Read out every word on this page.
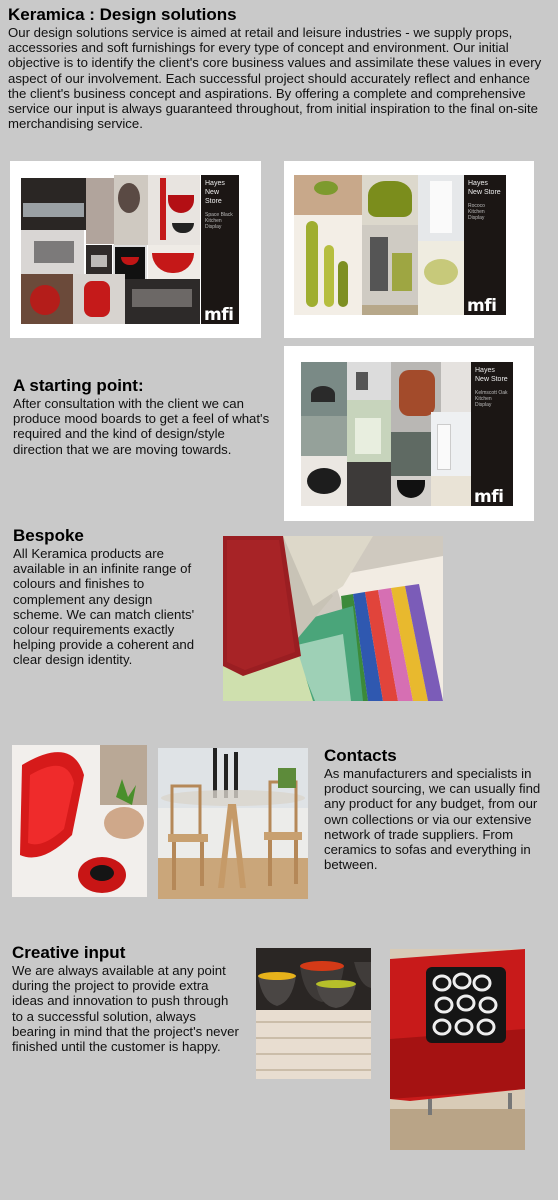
Keramica : Design solutions

Our design solutions service is aimed at retail and leisure industries - we supply props, accessories and soft furnishings for every type of concept and environment. Our initial objective is to identify the client's core business values and assimilate these values in every aspect of our involvement. Each successful project should accurately reflect and enhance the client's business concept and aspirations. By offering a complete and comprehensive service our input is always guaranteed throughout, from initial inspiration to the final on-site merchandising service.

Hayes New Store
Space Black Kitchen Display
mfi
Hayes New Store
Rococo Kitchen Display
mfi
A starting point:

After consultation with the client we can produce mood boards to get a feel of what's required and the kind of design/style direction that we are moving towards.

Hayes New Store
Kelmscott Oak Kitchen Display
mfi
Bespoke

All Keramica products are available in an infinite range of colours and finishes to complement any design scheme. We can match clients' colour requirements exactly helping provide a coherent and clear design identity.

Contacts

As manufacturers and specialists in product sourcing, we can usually find any product for any budget, from our own collections or via our extensive network of trade suppliers. From ceramics to sofas and everything in between.

Creative input

We are always available at any point during the project to provide extra ideas and innovation to push through to a successful solution, always bearing in mind that the project's never finished until the customer is happy.
